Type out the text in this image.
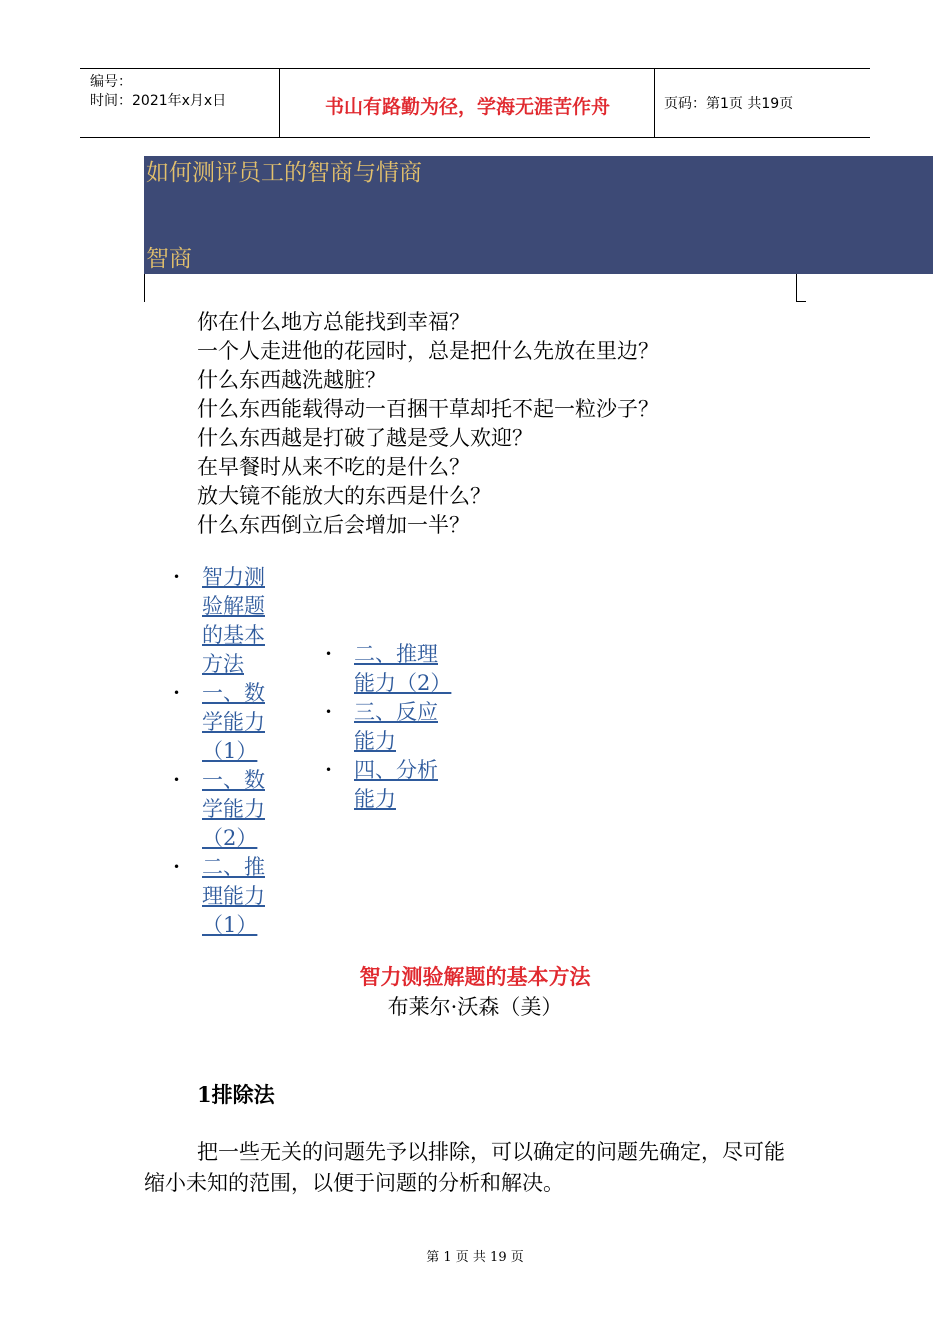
编号：
时间：2021年x月x日	书山有路勤为径，学海无涯苦作舟	页码：第1页 共19页
如何测评员工的智商与情商
智商
你在什么地方总能找到幸福？
一个人走进他的花园时，总是把什么先放在里边？
什么东西越洗越脏？
什么东西能载得动一百捆干草却托不起一粒沙子？
什么东西越是打破了越是受人欢迎？
在早餐时从来不吃的是什么？
放大镜不能放大的东西是什么？
什么东西倒立后会增加一半？
• 智力测验解题的基本方法
• 一、数学能力（1）
• 一、数学能力（2）
• 二、推理能力（1）
• 二、推理能力（2）
• 三、反应能力
• 四、分析能力
智力测验解题的基本方法
布莱尔·沃森（美）
1排除法
把一些无关的问题先予以排除，可以确定的问题先确定，尽可能缩小未知的范围，以便于问题的分析和解决。
第 1 页 共 19 页
